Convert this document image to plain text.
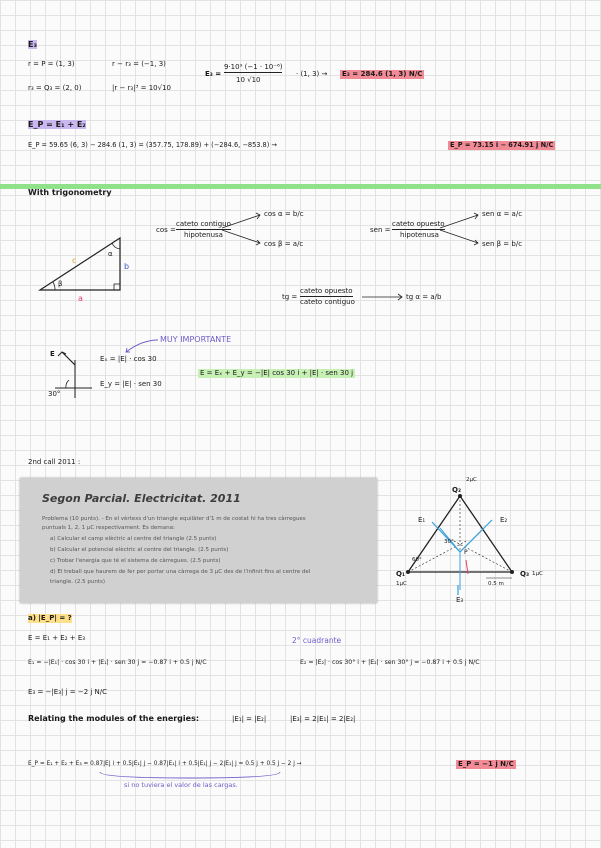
E₃
r = P = (1, 3)
r₃ = Q₃ = (2, 0)
r − r₃ = (−1, 3)
|r − r₃|³ = 10√10
E₃ =
9·10⁹ (−1 · 10⁻⁶)
10 √10
· (1, 3) → E₃ = 284.6 (1, 3) N/C
E_P = E₁ + E₂
E_P = 59.65 (6, 3) − 284.6 (1, 3) = (357.75, 178.89) + (−284.6, −853.8) →	E_P = 73.15 i − 674.91 j N/C
With trigonometry
c
b
a
β
α
cos =
cateto contiguo
hipotenusa
cos α = b/c
cos β = a/c
sen =
cateto opuesto
hipotenusa
sen α = a/c
sen β = b/c
tg =
cateto opuesto
cateto contiguo
tg α = a/b
MUY IMPORTANTE
E
30°
Eₓ = |E| · cos 30
E_y = |E| · sen 30
E = Eₓ + E_y = −|E| cos 30 i + |E| · sen 30 j
2nd call 2011 :
Segon Parcial. Electricitat. 2011
Problema (10 punts). - En el vèrtexs d'un triangle equilàter d'1 m de costat hi ha tres càrregues
puntuals 1, 2, 1 μC respectivament. Es demana:
a) Calcular el camp elèctric al centre del triangle (2.5 punts)
b) Calcular el potencial elèctric al centre del triangle. (2.5 punts)
c) Trobar l'energia que té el sistema de càrregues. (2.5 punts)
d) El treball que haurem de fer per portar una càrrega de 3 μC des de l'infinit fins al centre del
triangle. (2.5 punts)
Q₂
2μC
Q₁
1μC
Q₃ 1μC
E₁	E₂
E₃
P
30°
60°
0.5 m
a) |E_P| = ?
E = E₁ + E₂ + E₃	2° cuadrante
E₁ = −|E₁| · cos 30 i + |E₁| · sen 30 j = −0.87 i + 0.5 j N/C	E₂ = |E₂| · cos 30° i + |E₂| · sen 30° j = −0.87 i + 0.5 j N/C
E₃ = −|E₃| j = −2 j N/C
Relating the modules of the energies:	|E₁| = |E₂|	|E₃| = 2|E₁| = 2|E₂|
E_P = E₁ + E₂ + E₃ = 0.87|E| i + 0.5|E₁| j − 0.87|E₁| i + 0.5|E₁| j − 2|E₁| j = 0.5 j + 0.5 j − 2 j →	E_P = −1 j N/C
si no tuviera el valor de las cargas.
